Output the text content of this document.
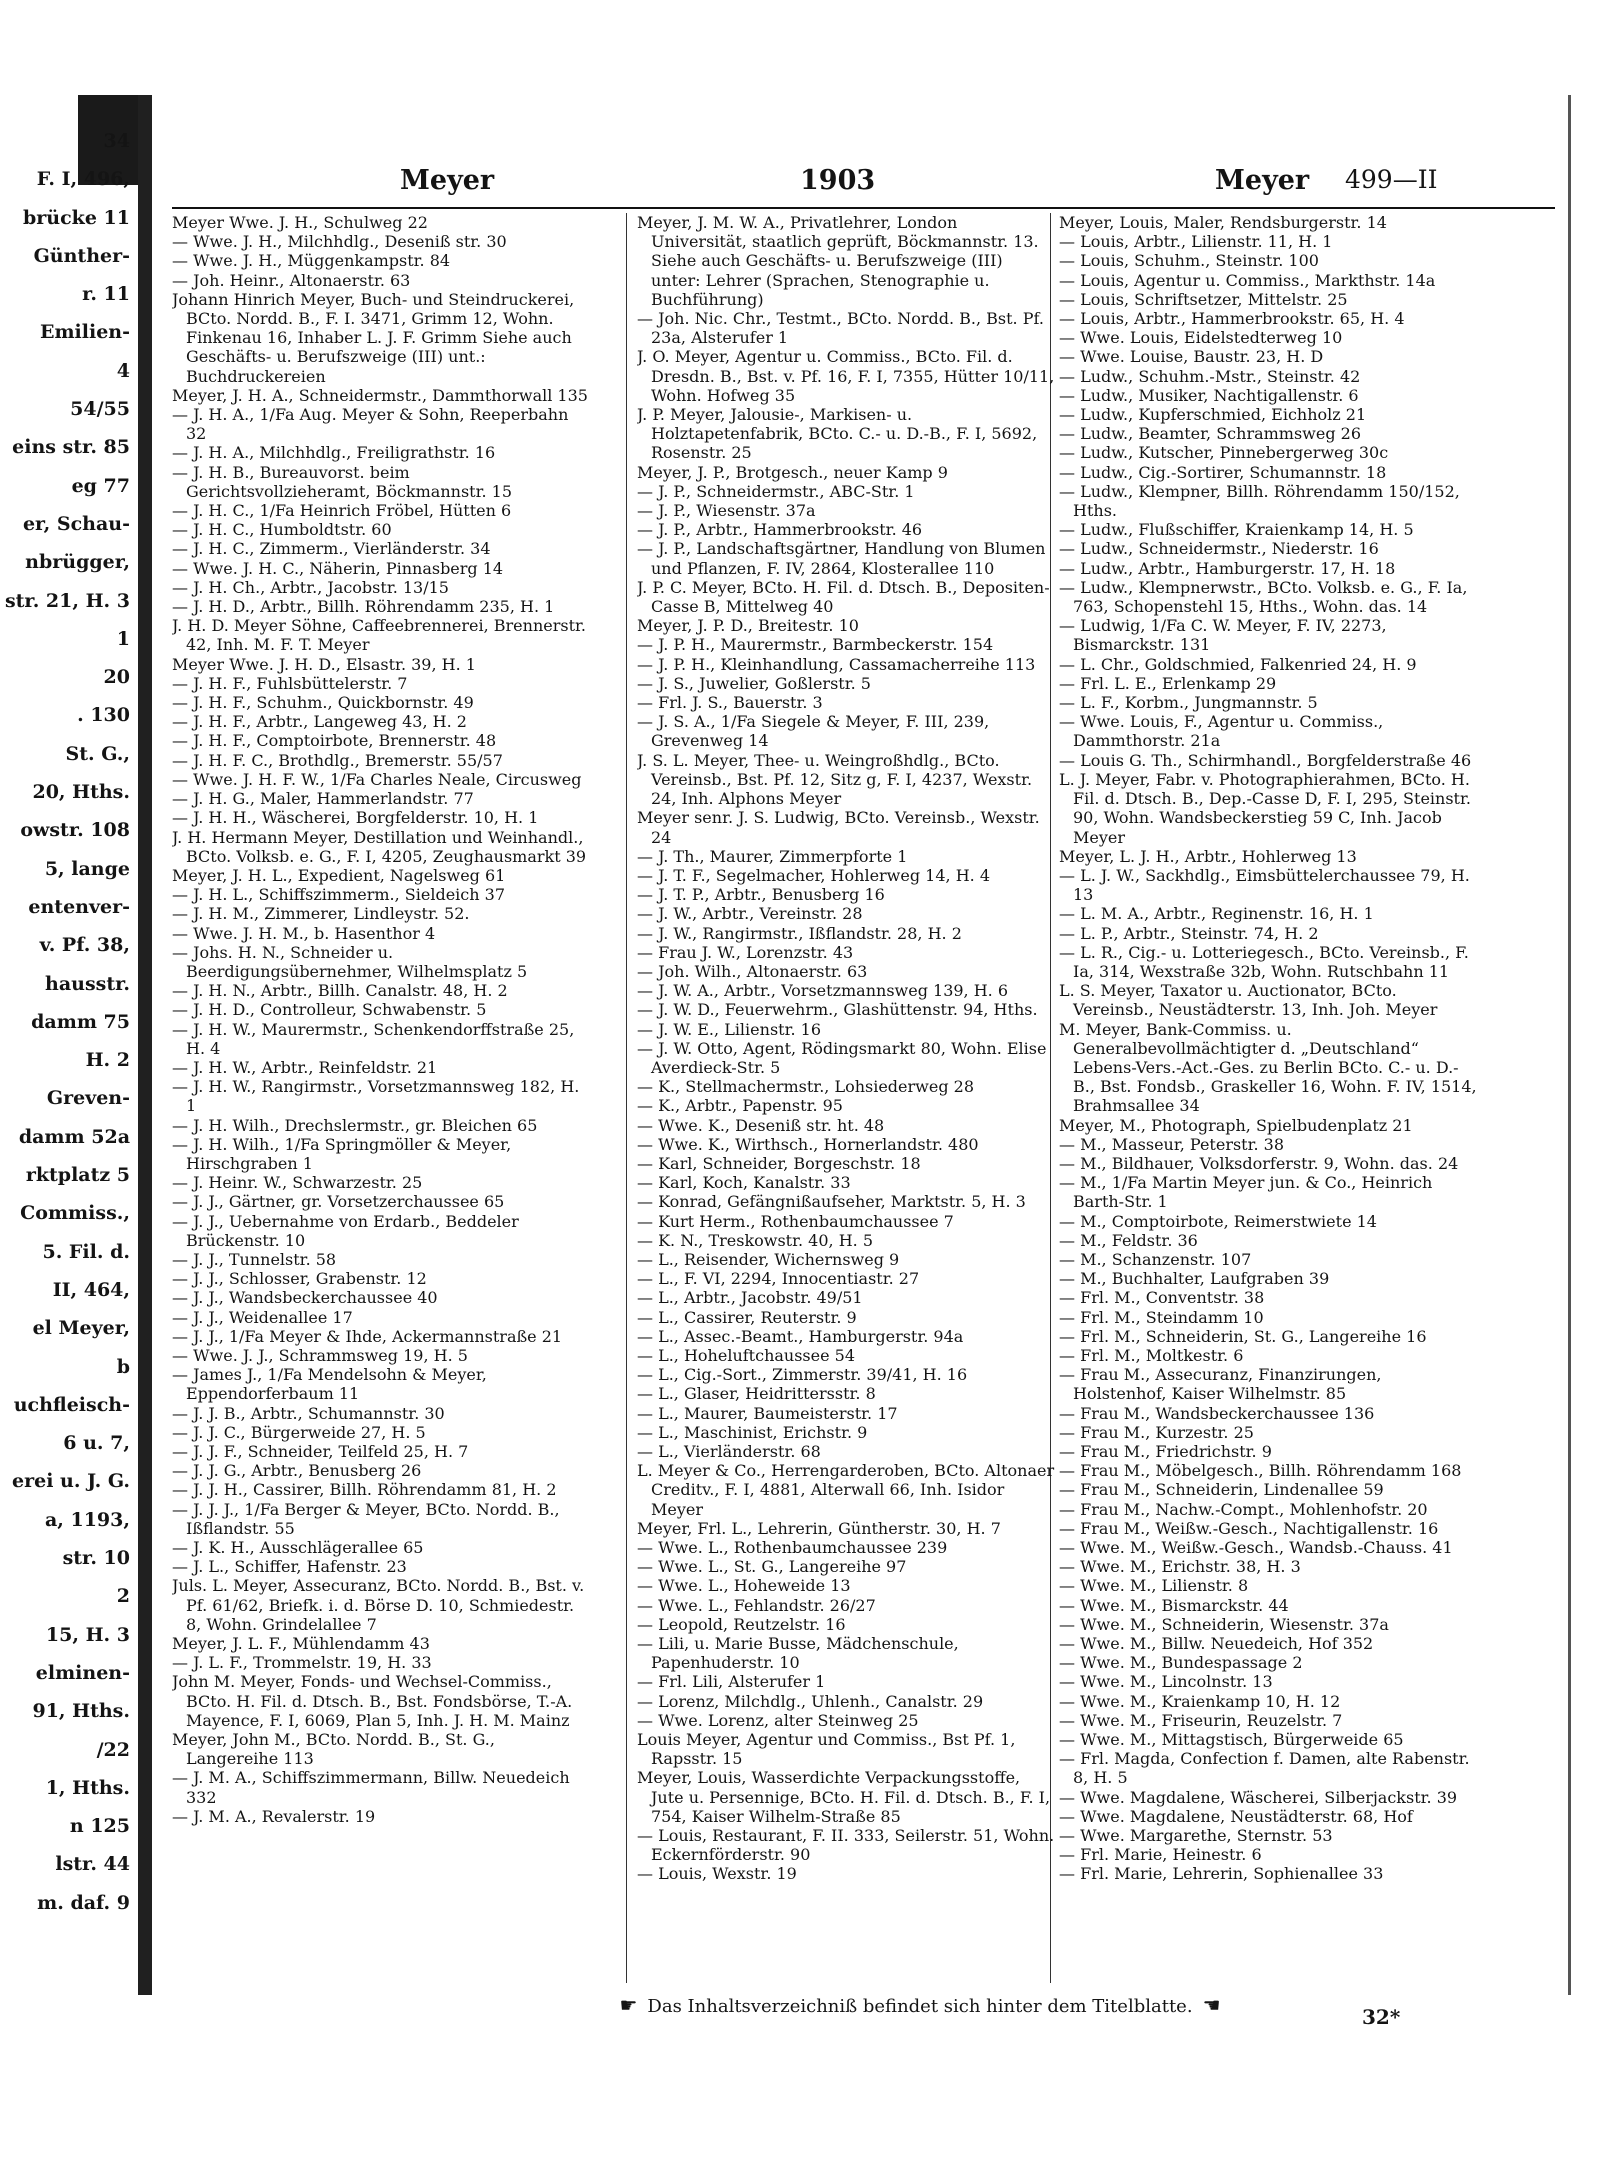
34
F. I, 496,
brücke 11
Günther-
r. 11
Emilien-
4
54/55
eins str. 85
eg 77
er, Schau-
nbrügger,
str. 21, H. 3
1
20
. 130
St. G.,
20, Hths.
owstr. 108
5, lange
entenver-
v. Pf. 38,
hausstr.
damm 75
H. 2
Greven-
damm 52a
rktplatz 5
Commiss.,
5. Fil. d.
II, 464,
el Meyer,
b
uchfleisch-
6 u. 7,
erei u. J. G.
a, 1193,
str. 10
2
15, H. 3
elminen-
91, Hths.
/22
1, Hths.
n 125
lstr. 44
m. daf. 9
Meyer	1903	Meyer 499—II
Meyer Wwe. J. H., Schulweg 22
— Wwe. J. H., Milchhdlg., Deseniß str. 30
— Wwe. J. H., Müggenkampstr. 84
— Joh. Heinr., Altonaerstr. 63
Johann Hinrich Meyer, Buch- und Steindruckerei, BCto. Nordd. B., F. I. 3471, Grimm 12, Wohn. Finkenau 16, Inhaber L. J. F. Grimm Siehe auch Geschäfts- u. Berufszweige (III) unt.: Buchdruckereien
Meyer, J. H. A., Schneidermstr., Dammthorwall 135
— J. H. A., 1/Fa Aug. Meyer & Sohn, Reeperbahn 32
— J. H. A., Milchhdlg., Freiligrathstr. 16
— J. H. B., Bureauvorst. beim Gerichtsvollzieheramt, Böckmannstr. 15
— J. H. C., 1/Fa Heinrich Fröbel, Hütten 6
— J. H. C., Humboldtstr. 60
— J. H. C., Zimmerm., Vierländerstr. 34
— Wwe. J. H. C., Näherin, Pinnasberg 14
— J. H. Ch., Arbtr., Jacobstr. 13/15
— J. H. D., Arbtr., Billh. Röhrendamm 235, H. 1
J. H. D. Meyer Söhne, Caffeebrennerei, Brennerstr. 42, Inh. M. F. T. Meyer
Meyer Wwe. J. H. D., Elsastr. 39, H. 1
— J. H. F., Fuhlsbüttelerstr. 7
— J. H. F., Schuhm., Quickbornstr. 49
— J. H. F., Arbtr., Langeweg 43, H. 2
— J. H. F., Comptoirbote, Brennerstr. 48
— J. H. F. C., Brothdlg., Bremerstr. 55/57
— Wwe. J. H. F. W., 1/Fa Charles Neale, Circusweg
— J. H. G., Maler, Hammerlandstr. 77
— J. H. H., Wäscherei, Borgfelderstr. 10, H. 1
J. H. Hermann Meyer, Destillation und Weinhandl., BCto. Volksb. e. G., F. I, 4205, Zeughausmarkt 39
Meyer, J. H. L., Expedient, Nagelsweg 61
— J. H. L., Schiffszimmerm., Sieldeich 37
— J. H. M., Zimmerer, Lindleystr. 52.
— Wwe. J. H. M., b. Hasenthor 4
— Johs. H. N., Schneider u. Beerdigungsübernehmer, Wilhelmsplatz 5
— J. H. N., Arbtr., Billh. Canalstr. 48, H. 2
— J. H. D., Controlleur, Schwabenstr. 5
— J. H. W., Maurermstr., Schenkendorffstraße 25, H. 4
— J. H. W., Arbtr., Reinfeldstr. 21
— J. H. W., Rangirmstr., Vorsetzmannsweg 182, H. 1
— J. H. Wilh., Drechslermstr., gr. Bleichen 65
— J. H. Wilh., 1/Fa Springmöller & Meyer, Hirschgraben 1
— J. Heinr. W., Schwarzestr. 25
— J. J., Gärtner, gr. Vorsetzerchaussee 65
— J. J., Uebernahme von Erdarb., Beddeler Brückenstr. 10
— J. J., Tunnelstr. 58
— J. J., Schlosser, Grabenstr. 12
— J. J., Wandsbeckerchaussee 40
— J. J., Weidenallee 17
— J. J., 1/Fa Meyer & Ihde, Ackermannstraße 21
— Wwe. J. J., Schrammsweg 19, H. 5
— James J., 1/Fa Mendelsohn & Meyer, Eppendorferbaum 11
— J. J. B., Arbtr., Schumannstr. 30
— J. J. C., Bürgerweide 27, H. 5
— J. J. F., Schneider, Teilfeld 25, H. 7
— J. J. G., Arbtr., Benusberg 26
— J. J. H., Cassirer, Billh. Röhrendamm 81, H. 2
— J. J. J., 1/Fa Berger & Meyer, BCto. Nordd. B., Ißflandstr. 55
— J. K. H., Ausschlägerallee 65
— J. L., Schiffer, Hafenstr. 23
Juls. L. Meyer, Assecuranz, BCto. Nordd. B., Bst. v. Pf. 61/62, Briefk. i. d. Börse D. 10, Schmiedestr. 8, Wohn. Grindelallee 7
Meyer, J. L. F., Mühlendamm 43
— J. L. F., Trommelstr. 19, H. 33
John M. Meyer, Fonds- und Wechsel-Commiss., BCto. H. Fil. d. Dtsch. B., Bst. Fondsbörse, T.-A. Mayence, F. I, 6069, Plan 5, Inh. J. H. M. Mainz
Meyer, John M., BCto. Nordd. B., St. G., Langereihe 113
— J. M. A., Schiffszimmermann, Billw. Neuedeich 332
— J. M. A., Revalerstr. 19
Meyer, J. M. W. A., Privatlehrer, London Universität, staatlich geprüft, Böckmannstr. 13. Siehe auch Geschäfts- u. Berufszweige (III) unter: Lehrer (Sprachen, Stenographie u. Buchführung)
— Joh. Nic. Chr., Testmt., BCto. Nordd. B., Bst. Pf. 23a, Alsterufer 1
J. O. Meyer, Agentur u. Commiss., BCto. Fil. d. Dresdn. B., Bst. v. Pf. 16, F. I, 7355, Hütter 10/11, Wohn. Hofweg 35
J. P. Meyer, Jalousie-, Markisen- u. Holztapetenfabrik, BCto. C.- u. D.-B., F. I, 5692, Rosenstr. 25
Meyer, J. P., Brotgesch., neuer Kamp 9
— J. P., Schneidermstr., ABC-Str. 1
— J. P., Wiesenstr. 37a
— J. P., Arbtr., Hammerbrookstr. 46
— J. P., Landschaftsgärtner, Handlung von Blumen und Pflanzen, F. IV, 2864, Klosterallee 110
J. P. C. Meyer, BCto. H. Fil. d. Dtsch. B., Depositen-Casse B, Mittelweg 40
Meyer, J. P. D., Breitestr. 10
— J. P. H., Maurermstr., Barmbeckerstr. 154
— J. P. H., Kleinhandlung, Cassamacherreihe 113
— J. S., Juwelier, Goßlerstr. 5
— Frl. J. S., Bauerstr. 3
— J. S. A., 1/Fa Siegele & Meyer, F. III, 239, Grevenweg 14
J. S. L. Meyer, Thee- u. Weingroßhdlg., BCto. Vereinsb., Bst. Pf. 12, Sitz g, F. I, 4237, Wexstr. 24, Inh. Alphons Meyer
Meyer senr. J. S. Ludwig, BCto. Vereinsb., Wexstr. 24
— J. Th., Maurer, Zimmerpforte 1
— J. T. F., Segelmacher, Hohlerweg 14, H. 4
— J. T. P., Arbtr., Benusberg 16
— J. W., Arbtr., Vereinstr. 28
— J. W., Rangirmstr., Ißflandstr. 28, H. 2
— Frau J. W., Lorenzstr. 43
— Joh. Wilh., Altonaerstr. 63
— J. W. A., Arbtr., Vorsetzmannsweg 139, H. 6
— J. W. D., Feuerwehrm., Glashüttenstr. 94, Hths.
— J. W. E., Lilienstr. 16
— J. W. Otto, Agent, Rödingsmarkt 80, Wohn. Elise Averdieck-Str. 5
— K., Stellmachermstr., Lohsiederweg 28
— K., Arbtr., Papenstr. 95
— Wwe. K., Deseniß str. ht. 48
— Wwe. K., Wirthsch., Hornerlandstr. 480
— Karl, Schneider, Borgeschstr. 18
— Karl, Koch, Kanalstr. 33
— Konrad, Gefängnißaufseher, Marktstr. 5, H. 3
— Kurt Herm., Rothenbaumchaussee 7
— K. N., Treskowstr. 40, H. 5
— L., Reisender, Wichernsweg 9
— L., F. VI, 2294, Innocentiastr. 27
— L., Arbtr., Jacobstr. 49/51
— L., Cassirer, Reuterstr. 9
— L., Assec.-Beamt., Hamburgerstr. 94a
— L., Hoheluftchaussee 54
— L., Cig.-Sort., Zimmerstr. 39/41, H. 16
— L., Glaser, Heidrittersstr. 8
— L., Maurer, Baumeisterstr. 17
— L., Maschinist, Erichstr. 9
— L., Vierländerstr. 68
L. Meyer & Co., Herrengarderoben, BCto. Altonaer Creditv., F. I, 4881, Alterwall 66, Inh. Isidor Meyer
Meyer, Frl. L., Lehrerin, Güntherstr. 30, H. 7
— Wwe. L., Rothenbaumchaussee 239
— Wwe. L., St. G., Langereihe 97
— Wwe. L., Hoheweide 13
— Wwe. L., Fehlandstr. 26/27
— Leopold, Reutzelstr. 16
— Lili, u. Marie Busse, Mädchenschule, Papenhuderstr. 10
— Frl. Lili, Alsterufer 1
— Lorenz, Milchdlg., Uhlenh., Canalstr. 29
— Wwe. Lorenz, alter Steinweg 25
Louis Meyer, Agentur und Commiss., Bst Pf. 1, Rapsstr. 15
Meyer, Louis, Wasserdichte Verpackungsstoffe, Jute u. Persennige, BCto. H. Fil. d. Dtsch. B., F. I, 754, Kaiser Wilhelm-Straße 85
— Louis, Restaurant, F. II. 333, Seilerstr. 51, Wohn. Eckernförderstr. 90
— Louis, Wexstr. 19
Meyer, Louis, Maler, Rendsburgerstr. 14
— Louis, Arbtr., Lilienstr. 11, H. 1
— Louis, Schuhm., Steinstr. 100
— Louis, Agentur u. Commiss., Markthstr. 14a
— Louis, Schriftsetzer, Mittelstr. 25
— Louis, Arbtr., Hammerbrookstr. 65, H. 4
— Wwe. Louis, Eidelstedterweg 10
— Wwe. Louise, Baustr. 23, H. D
— Ludw., Schuhm.-Mstr., Steinstr. 42
— Ludw., Musiker, Nachtigallenstr. 6
— Ludw., Kupferschmied, Eichholz 21
— Ludw., Beamter, Schrammsweg 26
— Ludw., Kutscher, Pinnebergerweg 30c
— Ludw., Cig.-Sortirer, Schumannstr. 18
— Ludw., Klempner, Billh. Röhrendamm 150/152, Hths.
— Ludw., Flußschiffer, Kraienkamp 14, H. 5
— Ludw., Schneidermstr., Niederstr. 16
— Ludw., Arbtr., Hamburgerstr. 17, H. 18
— Ludw., Klempnerwstr., BCto. Volksb. e. G., F. Ia, 763, Schopenstehl 15, Hths., Wohn. das. 14
— Ludwig, 1/Fa C. W. Meyer, F. IV, 2273, Bismarckstr. 131
— L. Chr., Goldschmied, Falkenried 24, H. 9
— Frl. L. E., Erlenkamp 29
— L. F., Korbm., Jungmannstr. 5
— Wwe. Louis, F., Agentur u. Commiss., Dammthorstr. 21a
— Louis G. Th., Schirmhandl., Borgfelderstraße 46
L. J. Meyer, Fabr. v. Photographierahmen, BCto. H. Fil. d. Dtsch. B., Dep.-Casse D, F. I, 295, Steinstr. 90, Wohn. Wandsbeckerstieg 59 C, Inh. Jacob Meyer
Meyer, L. J. H., Arbtr., Hohlerweg 13
— L. J. W., Sackhdlg., Eimsbüttelerchaussee 79, H. 13
— L. M. A., Arbtr., Reginenstr. 16, H. 1
— L. P., Arbtr., Steinstr. 74, H. 2
— L. R., Cig.- u. Lotteriegesch., BCto. Vereinsb., F. Ia, 314, Wexstraße 32b, Wohn. Rutschbahn 11
L. S. Meyer, Taxator u. Auctionator, BCto. Vereinsb., Neustädterstr. 13, Inh. Joh. Meyer
M. Meyer, Bank-Commiss. u. Generalbevollmächtigter d. „Deutschland“ Lebens-Vers.-Act.-Ges. zu Berlin BCto. C.- u. D.-B., Bst. Fondsb., Graskeller 16, Wohn. F. IV, 1514, Brahmsallee 34
Meyer, M., Photograph, Spielbudenplatz 21
— M., Masseur, Peterstr. 38
— M., Bildhauer, Volksdorferstr. 9, Wohn. das. 24
— M., 1/Fa Martin Meyer jun. & Co., Heinrich Barth-Str. 1
— M., Comptoirbote, Reimerstwiete 14
— M., Feldstr. 36
— M., Schanzenstr. 107
— M., Buchhalter, Laufgraben 39
— Frl. M., Conventstr. 38
— Frl. M., Steindamm 10
— Frl. M., Schneiderin, St. G., Langereihe 16
— Frl. M., Moltkestr. 6
— Frau M., Assecuranz, Finanzirungen, Holstenhof, Kaiser Wilhelmstr. 85
— Frau M., Wandsbeckerchaussee 136
— Frau M., Kurzestr. 25
— Frau M., Friedrichstr. 9
— Frau M., Möbelgesch., Billh. Röhrendamm 168
— Frau M., Schneiderin, Lindenallee 59
— Frau M., Nachw.-Compt., Mohlenhofstr. 20
— Frau M., Weißw.-Gesch., Nachtigallenstr. 16
— Wwe. M., Weißw.-Gesch., Wandsb.-Chauss. 41
— Wwe. M., Erichstr. 38, H. 3
— Wwe. M., Lilienstr. 8
— Wwe. M., Bismarckstr. 44
— Wwe. M., Schneiderin, Wiesenstr. 37a
— Wwe. M., Billw. Neuedeich, Hof 352
— Wwe. M., Bundespassage 2
— Wwe. M., Lincolnstr. 13
— Wwe. M., Kraienkamp 10, H. 12
— Wwe. M., Friseurin, Reuzelstr. 7
— Wwe. M., Mittagstisch, Bürgerweide 65
— Frl. Magda, Confection f. Damen, alte Rabenstr. 8, H. 5
— Wwe. Magdalene, Wäscherei, Silberjackstr. 39
— Wwe. Magdalene, Neustädterstr. 68, Hof
— Wwe. Margarethe, Sternstr. 53
— Frl. Marie, Heinestr. 6
— Frl. Marie, Lehrerin, Sophienallee 33
☛ Das Inhaltsverzeichniß befindet sich hinter dem Titelblatte. ☚	32*
